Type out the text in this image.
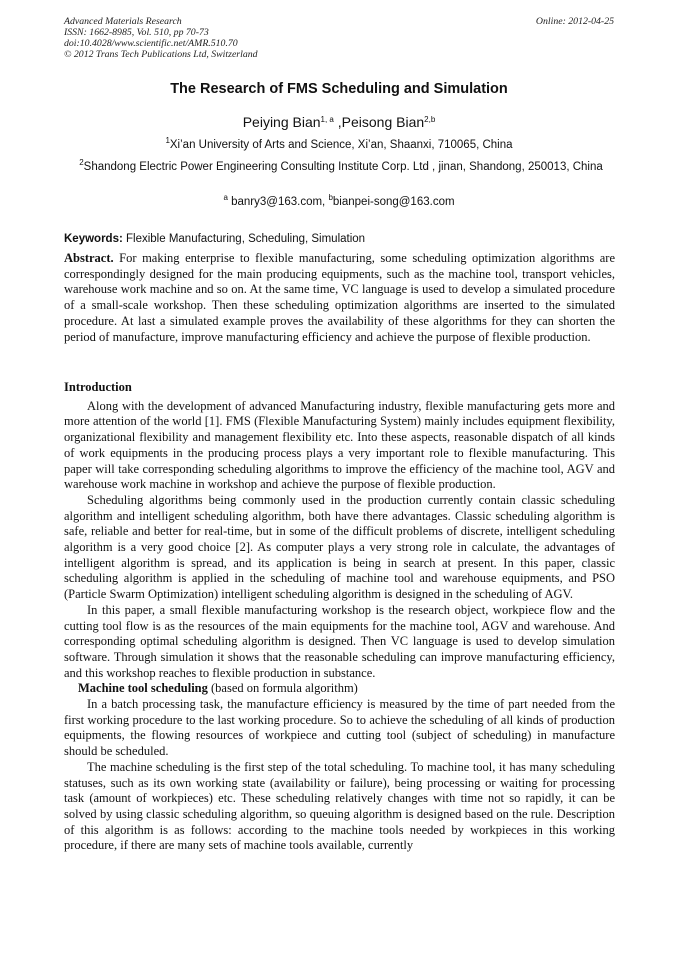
Advanced Materials Research
ISSN: 1662-8985, Vol. 510, pp 70-73
doi:10.4028/www.scientific.net/AMR.510.70
© 2012 Trans Tech Publications Ltd, Switzerland
Online: 2012-04-25
The Research of FMS Scheduling and Simulation
Peiying Bian$^{1, a}$ ,Peisong Bian$^{2,b}$
$^1$Xi’an University of Arts and Science, Xi’an, Shaanxi, 710065, China
$^2$Shandong Electric Power Engineering Consulting Institute Corp. Ltd , jinan, Shandong, 250013, China
$^a$ banry3@163.com, $^b$bianpei-song@163.com
Keywords: Flexible Manufacturing, Scheduling, Simulation

Abstract. For making enterprise to flexible manufacturing, some scheduling optimization algorithms are correspondingly designed for the main producing equipments, such as the machine tool, transport vehicles, warehouse work machine and so on. At the same time, VC language is used to develop a simulated procedure of a small-scale workshop. Then these scheduling optimization algorithms are inserted to the simulated procedure. At last a simulated example proves the availability of these algorithms for they can shorten the period of manufacture, improve manufacturing efficiency and achieve the purpose of flexible production.

Introduction

Along with the development of advanced Manufacturing industry, flexible manufacturing gets more and more attention of the world [1]. FMS (Flexible Manufacturing System) mainly includes equipment flexibility, organizational flexibility and management flexibility etc. Into these aspects, reasonable dispatch of all kinds of work equipments in the producing process plays a very important role to flexible manufacturing. This paper will take corresponding scheduling algorithms to improve the efficiency of the machine tool, AGV and warehouse work machine in workshop and achieve the purpose of flexible production.

Scheduling algorithms being commonly used in the production currently contain classic scheduling algorithm and intelligent scheduling algorithm, both have there advantages. Classic scheduling algorithm is safe, reliable and better for real-time, but in some of the difficult problems of discrete, intelligent scheduling algorithm is a very good choice [2]. As computer plays a very strong role in calculate, the advantages of intelligent algorithm is spread, and its application is being in search at present. In this paper, classic scheduling algorithm is applied in the scheduling of machine tool and warehouse equipments, and PSO (Particle Swarm Optimization) intelligent scheduling algorithm is designed in the scheduling of AGV.

In this paper, a small flexible manufacturing workshop is the research object, workpiece flow and the cutting tool flow is as the resources of the main equipments for the machine tool, AGV and warehouse. And corresponding optimal scheduling algorithm is designed. Then VC language is used to develop simulation software. Through simulation it shows that the reasonable scheduling can improve manufacturing efficiency, and this workshop reaches to flexible production in substance.

Machine tool scheduling (based on formula algorithm)

In a batch processing task, the manufacture efficiency is measured by the time of part needed from the first working procedure to the last working procedure. So to achieve the scheduling of all kinds of production equipments, the flowing resources of workpiece and cutting tool (subject of scheduling) in manufacture should be scheduled.

The machine scheduling is the first step of the total scheduling. To machine tool, it has many scheduling statuses, such as its own working state (availability or failure), being processing or waiting for processing task (amount of workpieces) etc. These scheduling relatively changes with time not so rapidly, it can be solved by using classic scheduling algorithm, so queuing algorithm is designed based on the rule. Description of this algorithm is as follows: according to the machine tools needed by workpieces in this working procedure, if there are many sets of machine tools available, currently
